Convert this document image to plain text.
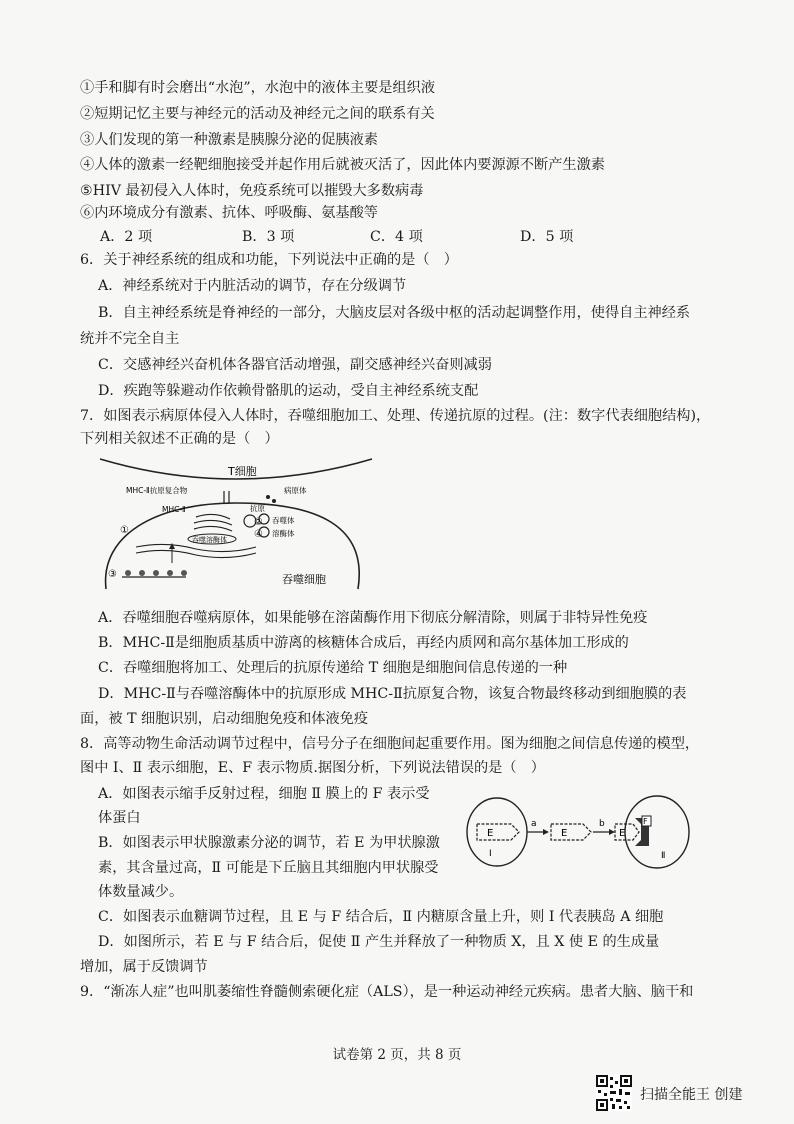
①手和脚有时会磨出“水泡”，水泡中的液体主要是组织液
②短期记忆主要与神经元的活动及神经元之间的联系有关
③人们发现的第一种激素是胰腺分泌的促胰液素
④人体的激素一经靶细胞接受并起作用后就被灭活了，因此体内要源源不断产生激素
⑤HIV 最初侵入人体时，免疫系统可以摧毁大多数病毒
⑥内环境成分有激素、抗体、呼吸酶、氨基酸等
A．2 项	B．3 项	C．4 项	D．5 项
6．关于神经系统的组成和功能，下列说法中正确的是（　）
A．神经系统对于内脏活动的调节，存在分级调节
B．自主神经系统是脊神经的一部分，大脑皮层对各级中枢的活动起调整作用，使得自主神经系
统并不完全自主
C．交感神经兴奋机体各器官活动增强，副交感神经兴奋则减弱
D．疾跑等躲避动作依赖骨骼肌的运动，受自主神经系统支配
7．如图表示病原体侵入人体时，吞噬细胞加工、处理、传递抗原的过程。(注：数字代表细胞结构)，
下列相关叙述不正确的是（　）
T细胞
MHC-Ⅱ抗原复合物	病原体
MHC-Ⅱ	抗原
吞噬体
溶酶体
吞噬溶酶体
①
②
③
④
吞噬细胞
A．吞噬细胞吞噬病原体，如果能够在溶菌酶作用下彻底分解清除，则属于非特异性免疫
B．MHC-Ⅱ是细胞质基质中游离的核糖体合成后，再经内质网和高尔基体加工形成的
C．吞噬细胞将加工、处理后的抗原传递给 T 细胞是细胞间信息传递的一种
D．MHC-Ⅱ与吞噬溶酶体中的抗原形成 MHC-Ⅱ抗原复合物，该复合物最终移动到细胞膜的表
面，被 T 细胞识别，启动细胞免疫和体液免疫
8．高等动物生命活动调节过程中，信号分子在细胞间起重要作用。图为细胞之间信息传递的模型，
图中 Ⅰ、Ⅱ 表示细胞，E、F 表示物质.据图分析，下列说法错误的是（　）
A．如图表示缩手反射过程，细胞 Ⅱ 膜上的 F 表示受
体蛋白
B．如图表示甲状腺激素分泌的调节，若 E 为甲状腺激
素，其含量过高，Ⅱ 可能是下丘脑且其细胞内甲状腺受
体数量减少。
E
Ⅰ
a
E
b
E
F
Ⅱ
C．如图表示血糖调节过程，且 E 与 F 结合后，Ⅱ 内糖原含量上升，则 Ⅰ 代表胰岛 A 细胞
D．如图所示，若 E 与 F 结合后，促使 Ⅱ 产生并释放了一种物质 X，且 X 使 E 的生成量
增加，属于反馈调节
9．“渐冻人症”也叫肌萎缩性脊髓侧索硬化症（ALS），是一种运动神经元疾病。患者大脑、脑干和
试卷第 2 页，共 8 页
扫描全能王 创建
